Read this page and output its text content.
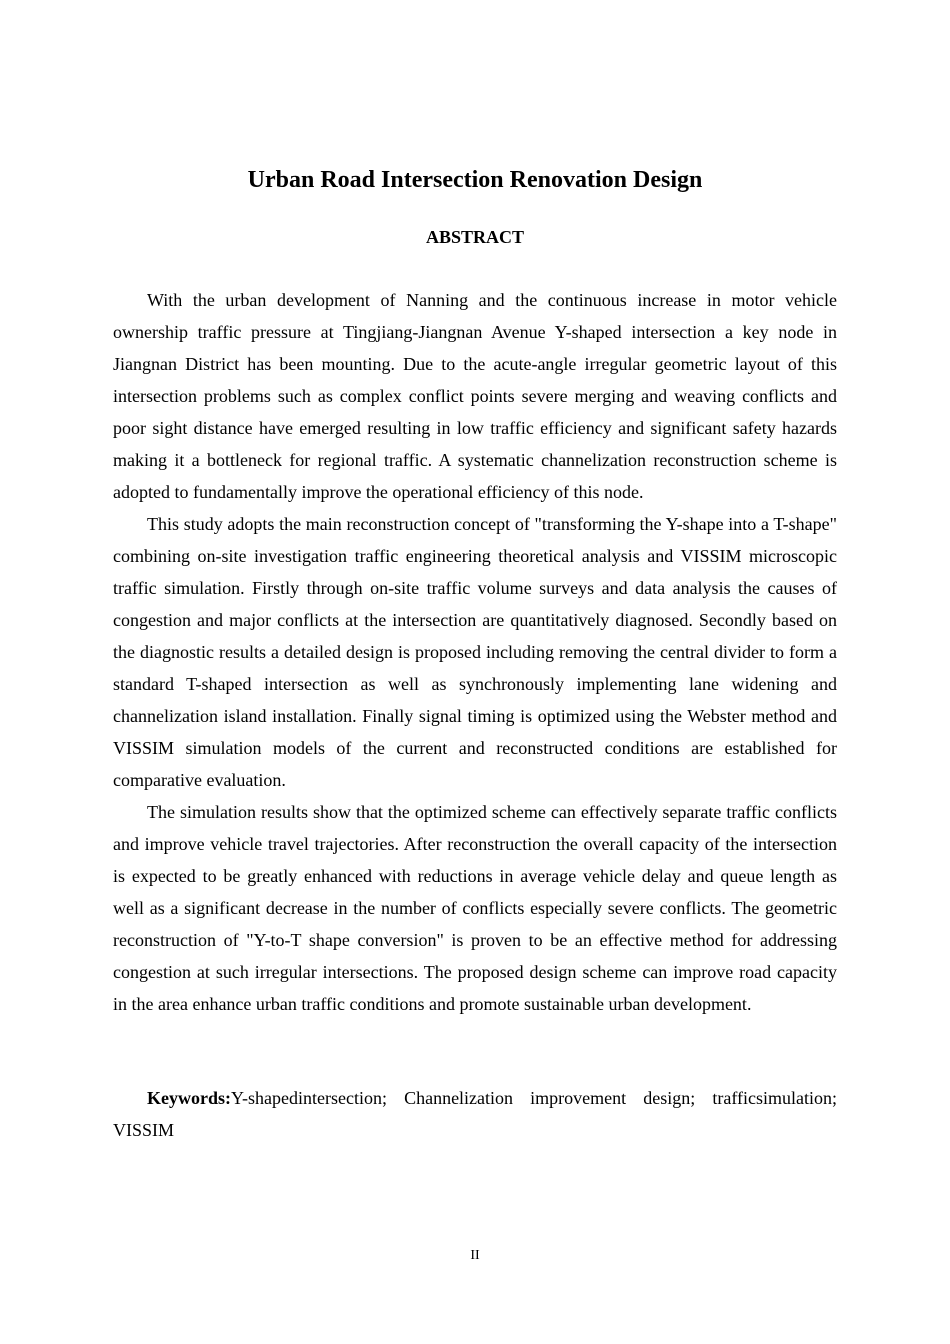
Urban Road Intersection Renovation Design
ABSTRACT

With the urban development of Nanning and the continuous increase in motor vehicle ownership traffic pressure at Tingjiang-Jiangnan Avenue Y-shaped intersection a key node in Jiangnan District has been mounting. Due to the acute-angle irregular geometric layout of this intersection problems such as complex conflict points severe merging and weaving conflicts and poor sight distance have emerged resulting in low traffic efficiency and significant safety hazards making it a bottleneck for regional traffic. A systematic channelization reconstruction scheme is adopted to fundamentally improve the operational efficiency of this node.

This study adopts the main reconstruction concept of "transforming the Y-shape into a T-shape" combining on-site investigation traffic engineering theoretical analysis and VISSIM microscopic traffic simulation. Firstly through on-site traffic volume surveys and data analysis the causes of congestion and major conflicts at the intersection are quantitatively diagnosed. Secondly based on the diagnostic results a detailed design is proposed including removing the central divider to form a standard T-shaped intersection as well as synchronously implementing lane widening and channelization island installation. Finally signal timing is optimized using the Webster method and VISSIM simulation models of the current and reconstructed conditions are established for comparative evaluation.

The simulation results show that the optimized scheme can effectively separate traffic conflicts and improve vehicle travel trajectories. After reconstruction the overall capacity of the intersection is expected to be greatly enhanced with reductions in average vehicle delay and queue length as well as a significant decrease in the number of conflicts especially severe conflicts. The geometric reconstruction of "Y-to-T shape conversion" is proven to be an effective method for addressing congestion at such irregular intersections. The proposed design scheme can improve road capacity in the area enhance urban traffic conditions and promote sustainable urban development.

Keywords:Y-shapedintersection; Channelization improvement design; trafficsimulation; VISSIM

II
